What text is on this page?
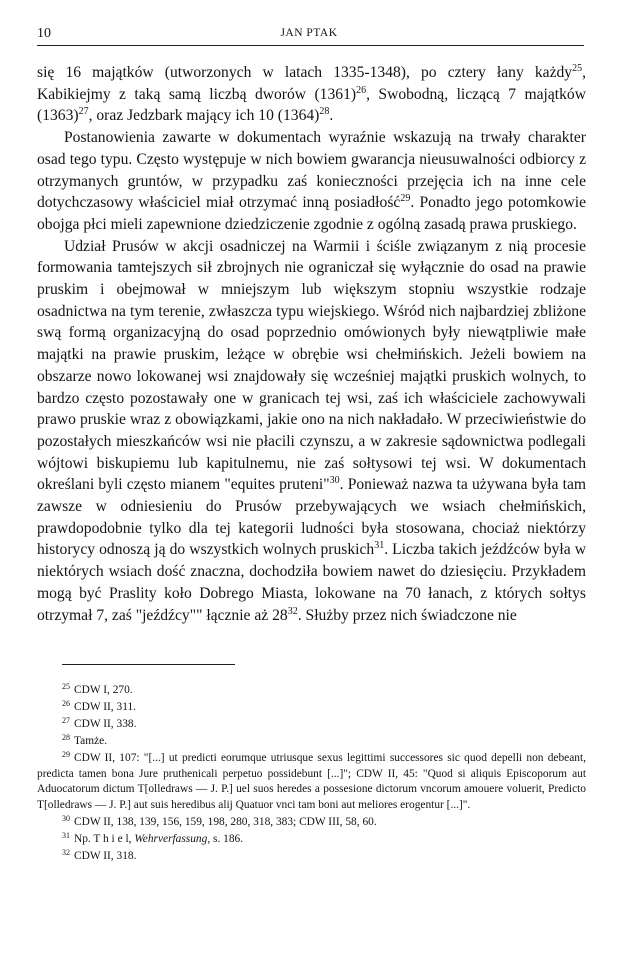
10	JAN PTAK

się 16 majątków (utworzonych w latach 1335-1348), po cztery łany każdy$^{25}$, Kabikiejmy z taką samą liczbą dworów $(1361)^{26}$, Swobodną, liczącą 7 majątków $(1363)^{27}$, oraz Jedzbark mający ich 10 $(1364)^{28}$.

Postanowienia zawarte w dokumentach wyraźnie wskazują na trwały charakter osad tego typu. Często występuje w nich bowiem gwarancja nieusuwalności odbiorcy z otrzymanych gruntów, w przypadku zaś konieczności przejęcia ich na inne cele dotychczasowy właściciel miał otrzymać inną posiadłość$^{29}$. Ponadto jego potomkowie obojga płci mieli zapewnione dziedziczenie zgodnie z ogólną zasadą prawa pruskiego.

Udział Prusów w akcji osadniczej na Warmii i ściśle związanym z nią procesie formowania tamtejszych sił zbrojnych nie ograniczał się wyłącznie do osad na prawie pruskim i obejmował w mniejszym lub większym stopniu wszystkie rodzaje osadnictwa na tym terenie, zwłaszcza typu wiejskiego. Wśród nich najbardziej zbliżone swą formą organizacyjną do osad poprzednio omówionych były niewątpliwie małe majątki na prawie pruskim, leżące w obrębie wsi chełmińskich. Jeżeli bowiem na obszarze nowo lokowanej wsi znajdowały się wcześniej majątki pruskich wolnych, to bardzo często pozostawały one w granicach tej wsi, zaś ich właściciele zachowywali prawo pruskie wraz z obowiązkami, jakie ono na nich nakładało. W przeciwieństwie do pozostałych mieszkańców wsi nie płacili czynszu, a w zakresie sądownictwa podlegali wójtowi biskupiemu lub kapitulnemu, nie zaś sołtysowi tej wsi. W dokumentach określani byli często mianem "equites pruteni"$^{30}$. Ponieważ nazwa ta używana była tam zawsze w odniesieniu do Prusów przebywających we wsiach chełmińskich, prawdopodobnie tylko dla tej kategorii ludności była stosowana, chociaż niektórzy historycy odnoszą ją do wszystkich wolnych pruskich$^{31}$. Liczba takich jeźdźców była w niektórych wsiach dość znaczna, dochodziła bowiem nawet do dziesięciu. Przykładem mogą być Praslity koło Dobrego Miasta, lokowane na 70 łanach, z których sołtys otrzymał 7, zaś "jeźdźcy"" łącznie aż $28^{32}$. Służby przez nich świadczone nie

$^{25}$ CDW I, 270.

$^{26}$ CDW II, 311.

$^{27}$ CDW II, 338.

$^{28}$ Tamże.

$^{29}$ CDW II, 107: "[...] ut predicti eorumque utriusque sexus legittimi successores sic quod depelli non debeant, predicta tamen bona Jure pruthenicali perpetuo possidebunt [...]"; CDW II, 45: "Quod si aliquis Episcoporum aut Aduocatorum dictum T[olledraws — J. P.] uel suos heredes a possesione dictorum vncorum amouere voluerit, Predicto T[olledraws — J. P.] aut suis heredibus alij Quatuor vnci tam boni aut meliores erogentur [...]".

$^{30}$ CDW II, 138, 139, 156, 159, 198, 280, 318, 383; CDW III, 58, 60.

$^{31}$ Np. T h i e l, Wehrverfassung, s. 186.

$^{32}$ CDW II, 318.
